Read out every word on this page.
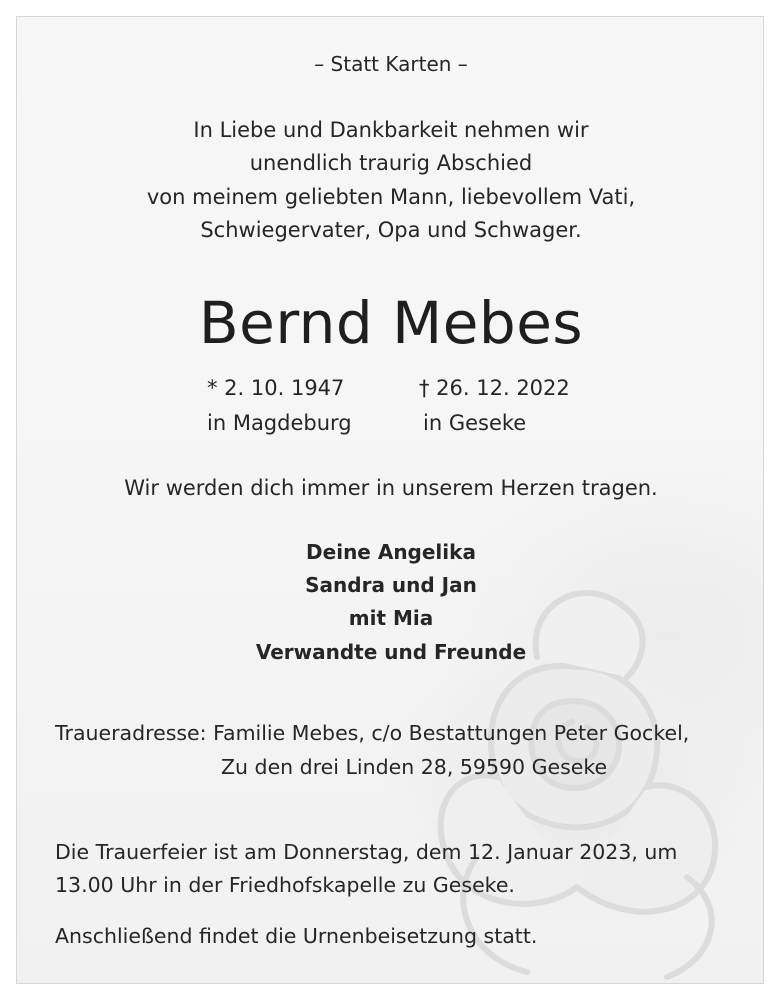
– Statt Karten –
In Liebe und Dankbarkeit nehmen wir
unendlich traurig Abschied
von meinem geliebten Mann, liebevollem Vati,
Schwiegervater, Opa und Schwager.
Bernd Mebes
* 2. 10. 1947
in Magdeburg
† 26. 12. 2022
in Geseke
Wir werden dich immer in unserem Herzen tragen.
Deine Angelika
Sandra und Jan
mit Mia
Verwandte und Freunde
Traueradresse: Familie Mebes, c/o Bestattungen Peter Gockel,
Zu den drei Linden 28, 59590 Geseke
Die Trauerfeier ist am Donnerstag, dem 12. Januar 2023, um
13.00 Uhr in der Friedhofskapelle zu Geseke.
Anschließend findet die Urnenbeisetzung statt.
